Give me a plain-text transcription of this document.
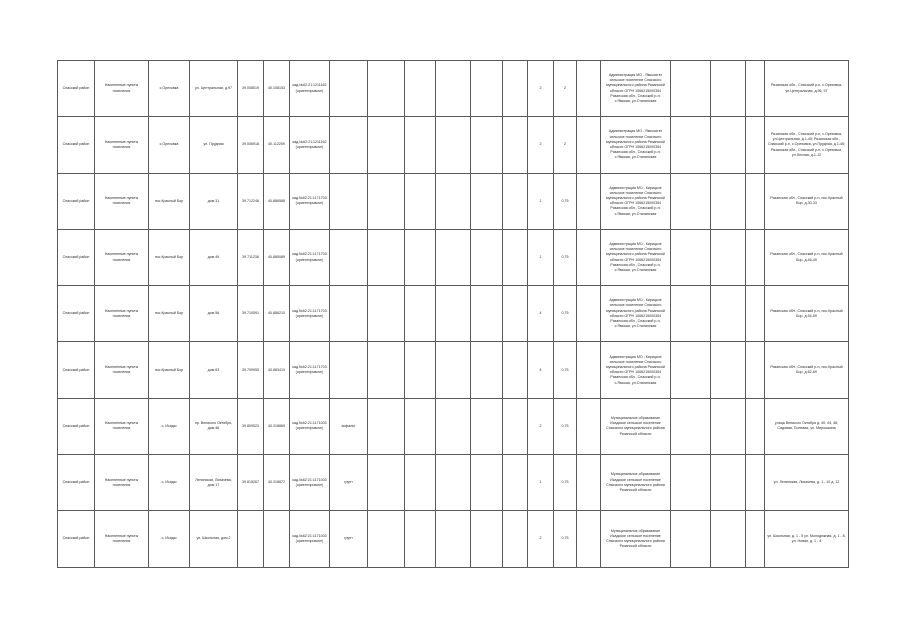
Спасский район	Населенные пункты поселения	с.Ореховка	ул. Центральная, д.97	39.008519	40.108153	кад.№62:21:1211162 (ориентировочн)							2	2		Администрация МО - Ямская вт сельское поселение Спасского муниципального района Рязанской области ОГРН 1066215000354 Рязанская обл., Спасский р-н, с.Ямская, ул.Сталинская				Рязанская обл., Спасский р-н, с.Ореховка, ул.Центральная, д.96, 97
Спасский район	Населенные пункты поселения	с.Ореховка	ул. Прудная	39.006918	40.112259	кад.№62:21:1211162 (ориентировочн)							2	2		Администрация МО - Ямская вт сельское поселение Спасского муниципального района Рязанской области ОГРН 1066215000354 Рязанская обл., Спасский р-н, с.Ямская, ул.Сталинская				Рязанская обл., Спасский р-н, с.Ореховка, ул.Центральная, д.1-45; Рязанская обл., Спасский р-н, с.Ореховка, ул.Прудная, д.1-45; Рязанская обл., Спасский р-н, с.Ореховка, ул.Лесная, д.1-12
Спасский район	Населенные пункты поселения	пос.Красный Бор	дом 31	39.712246	40.886588	кад.№62:21:1171703 (ориентировочн)							1	0,75		Администрация МО - Кирицкое сельское поселение Спасского муниципального района Рязанской области ОГРН 1066215000354 Рязанская обл., Спасский р-н, с.Ямская, ул.Сталинская				Рязанская обл., Спасский р-н, пос.Красный Бор, д.30-33
Спасский район	Населенные пункты поселения	пос.Красный Бор	дом 49	39.711238	40.885089	кад.№62:21:1171703 (ориентировочн)							1	0,75		Администрация МО - Кирицкое сельское поселение Спасского муниципального района Рязанской области ОГРН 1066215000354 Рязанская обл., Спасский р-н, с.Ямская, ул.Сталинская				Рязанская обл., Спасский р-н, пос.Красный Бор, д.46-49
Спасский район	Населенные пункты поселения	пос.Красный Бор	дом 56	39.710591	40.886210	кад.№62:21:1171703 (ориентировочн)							4	0,75		Администрация МО - Кирицкое сельское поселение Спасского муниципального района Рязанской области ОГРН 1066215000354 Рязанская обл., Спасский р-н, с.Ямская, ул.Сталинская				Рязанская обл., Спасский р-н, пос.Красный Бор, д.54-59
Спасский район	Населенные пункты поселения	пос.Красный Бор	дом 63	39.709955	40.883410	кад.№62:21:1171703 (ориентировочн)							4	0,75		Администрация МО - Кирицкое сельское поселение Спасского муниципального района Рязанской области ОГРН 1066215000354 Рязанская обл., Спасский р-н, с.Ямская, ул.Сталинская				Рязанская обл., Спасский р-н, пос.Красный Бор, д.62-69
Спасский район	Населенные пункты поселения	с. Исады	пр. Великого Октября, дом 46	39.809523	40.318869	кад.№62:21:1171003 (ориентировочн)	асфальт						2	0,75		Муниципальное образование Исадское сельское поселение Спасского муниципального района Рязанской области				улица Великого Октября д. 40, 44, 46; Садовая, Полевая, ул. Мирошкина
Спасский район	Населенные пункты поселения	с. Исады	Ленинская, Лихачева, дом 17	39.815267	40.318872	кад.№62:21:1171003 (ориентировочн)	грунт						1	0,75		Муниципальное образование Исадское сельское поселение Спасского муниципального района Рязанской области				ул. Ленинская, Лихачева, д. 1 - 10 д. 12
Спасский район	Населенные пункты поселения	с. Исады	ул. Школьная, дом 2			кад.№62:21:1171003 (ориентировочн)	грунт						2	0,75		Муниципальное образование Исадское сельское поселение Спасского муниципального района Рязанской области				ул. Школьная, д. 1 - 5 ул. Молодежная, д. 1 - 8, ул. Новая, д. 1 - 4
